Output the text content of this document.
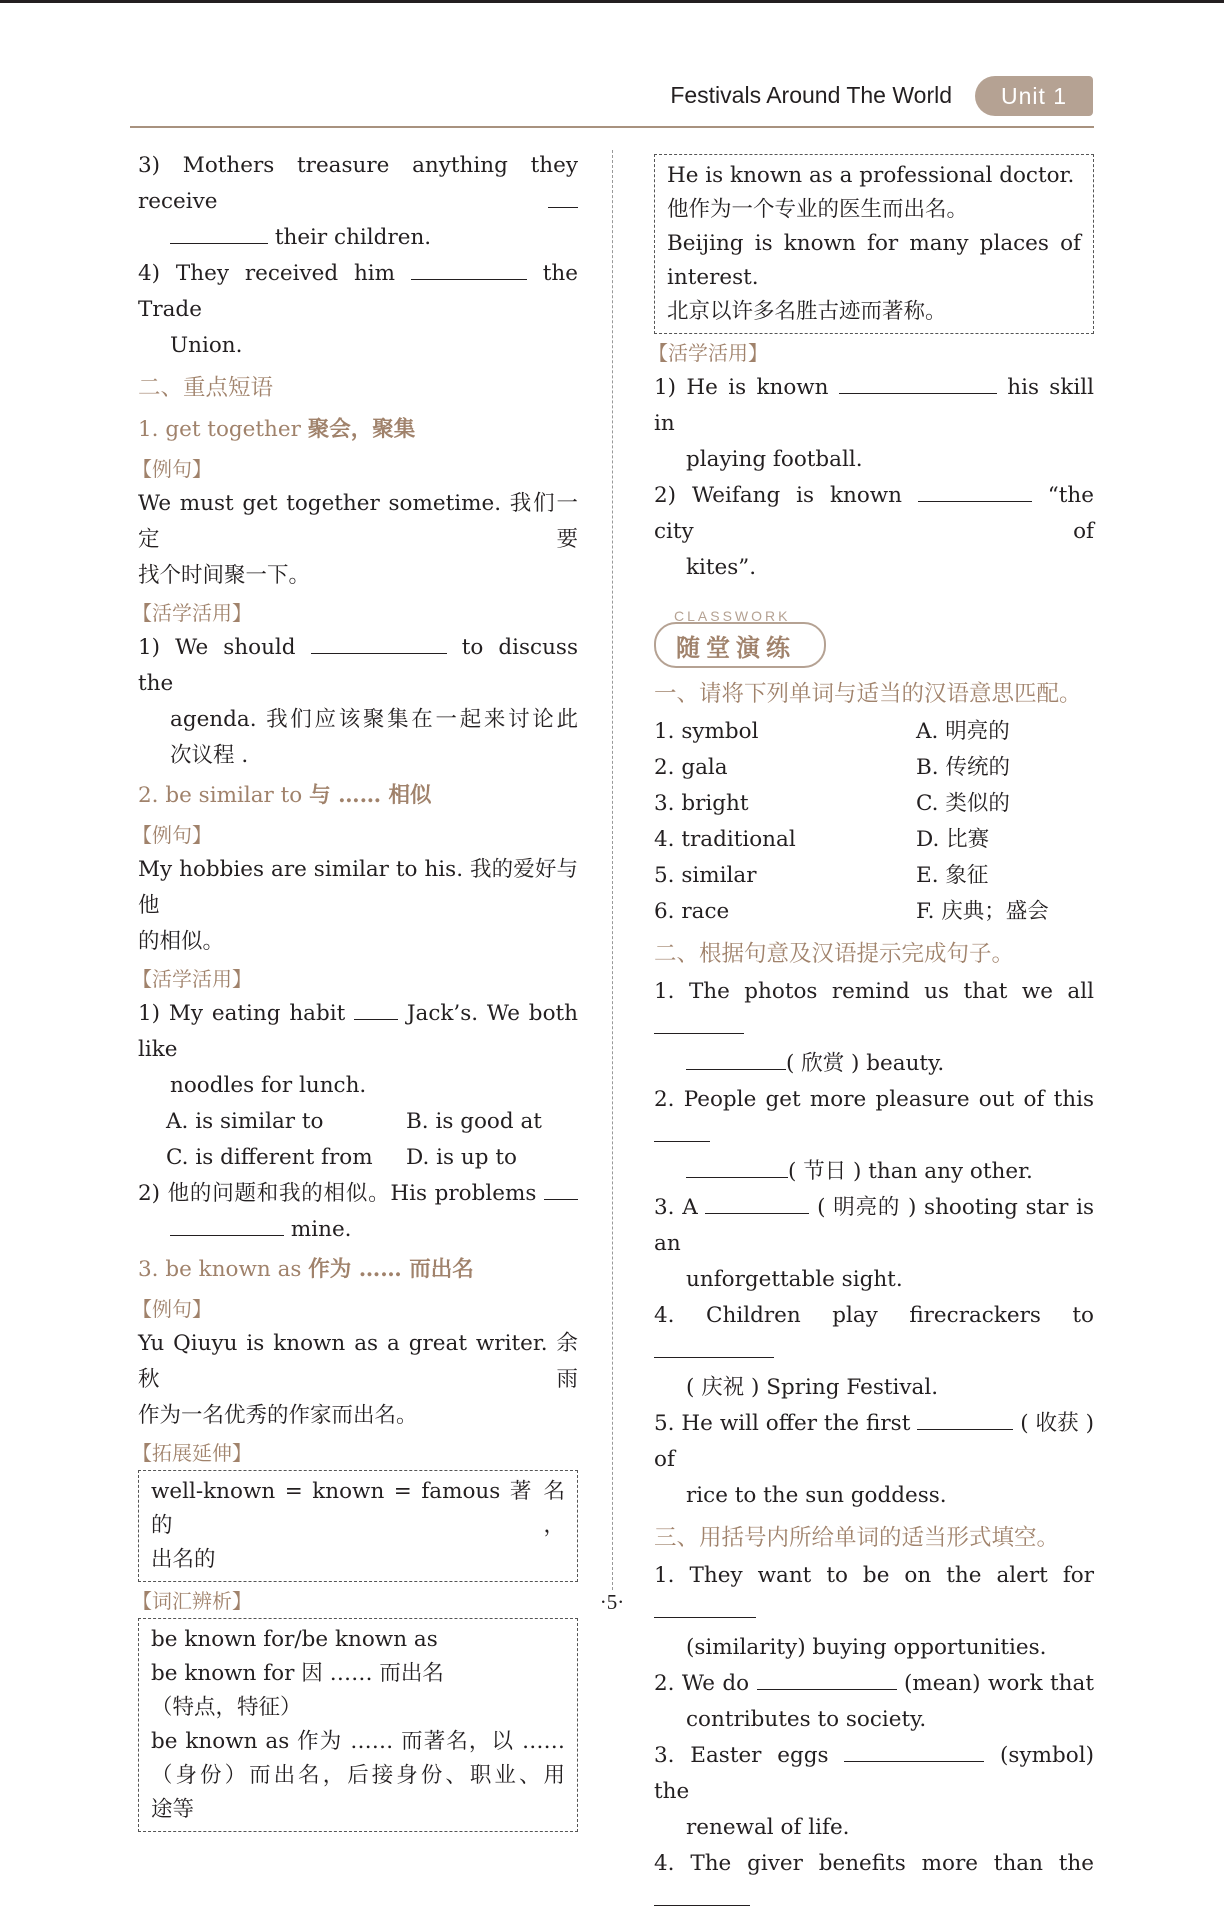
Festivals Around The World	Unit 1

3) Mothers treasure anything they receive

their children.

4) They received him	the Trade

Union.

二、重点短语

1. get together 聚会，聚集

【例句】

We must get together sometime. 我们一定要

找个时间聚一下。

【活学活用】

1) We should	to discuss the

agenda. 我们应该聚集在一起来讨论此

次议程 .

2. be similar to 与 …… 相似

【例句】

My hobbies are similar to his. 我的爱好与他

的相似。

【活学活用】

1) My eating habit	Jack’s. We both like

noodles for lunch.

A. is similar to	B. is good at
C. is different from	D. is up to

2) 他的问题和我的相似。His problems

mine.

3. be known as 作为 …… 而出名

【例句】

Yu Qiuyu is known as a great writer. 余秋雨

作为一名优秀的作家而出名。

【拓展延伸】

well-known = known = famous 著 名 的 ，

出名的

【词汇辨析】

be known for/be known as

be known for 因 …… 而出名

（特点，特征）

be known as 作为 …… 而著名，以 ……

（身份）而出名，后接身份、职业、用

途等

He is known as a professional doctor.

他作为一个专业的医生而出名。

Beijing is known for many places of

interest.

北京以许多名胜古迹而著称。

【活学活用】

1) He is known	his skill in

playing football.

2) Weifang is known	“the city of

kites”.

CLASSWORK
随堂演练

一、请将下列单词与适当的汉语意思匹配。

1. symbol	A. 明亮的
2. gala	B. 传统的
3. bright	C. 类似的
4. traditional	D. 比赛
5. similar	E. 象征
6. race	F. 庆典；盛会

二、根据句意及汉语提示完成句子。

1. The photos remind us that we all

( 欣赏 ) beauty.

2. People get more pleasure out of this

( 节日 ) than any other.

3. A	( 明亮的 ) shooting star is an

unforgettable sight.

4. Children play firecrackers to

( 庆祝 ) Spring Festival.

5. He will offer the first	( 收获 ) of

rice to the sun goddess.

三、用括号内所给单词的适当形式填空。

1. They want to be on the alert for

(similarity) buying opportunities.

2. We do	(mean) work that

contributes to society.

3. Easter eggs	(symbol) the

renewal of life.

4. The giver benefits more than the

·5·
